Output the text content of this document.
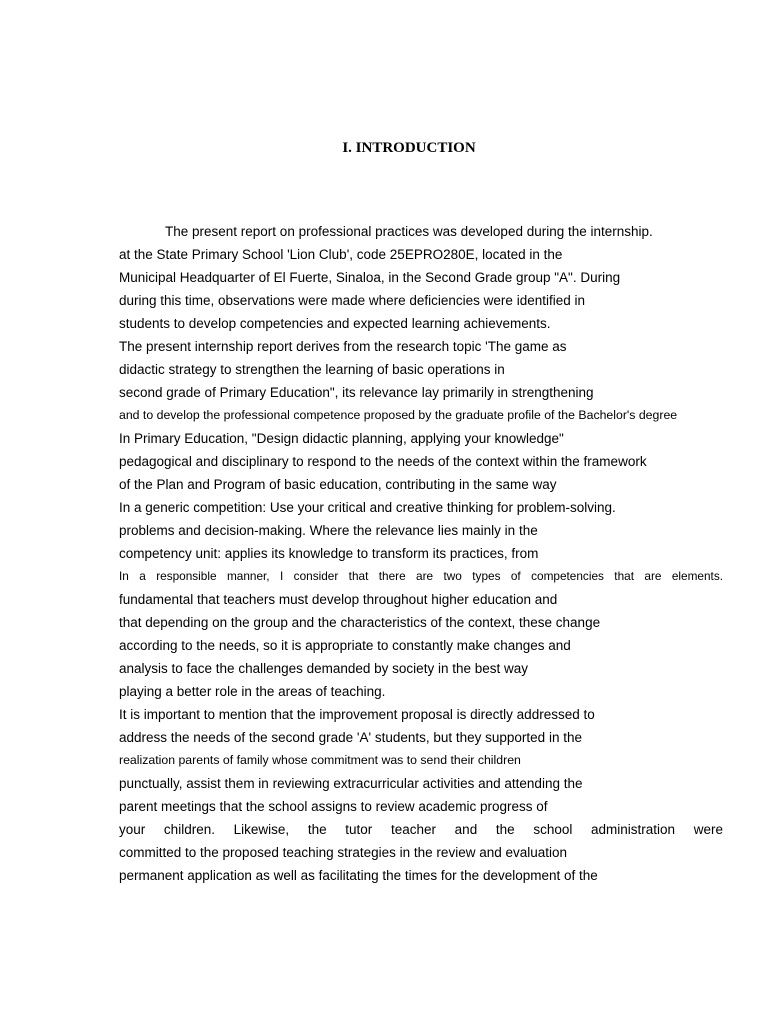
I. INTRODUCTION
The present report on professional practices was developed during the internship.
at the State Primary School 'Lion Club', code 25EPRO280E, located in the
Municipal Headquarter of El Fuerte, Sinaloa, in the Second Grade group "A". During
during this time, observations were made where deficiencies were identified in
students to develop competencies and expected learning achievements.
The present internship report derives from the research topic 'The game as
didactic strategy to strengthen the learning of basic operations in
second grade of Primary Education", its relevance lay primarily in strengthening
and to develop the professional competence proposed by the graduate profile of the Bachelor's degree
In Primary Education, "Design didactic planning, applying your knowledge"
pedagogical and disciplinary to respond to the needs of the context within the framework
of the Plan and Program of basic education, contributing in the same way
In a generic competition: Use your critical and creative thinking for problem-solving.
problems and decision-making. Where the relevance lies mainly in the
competency unit: applies its knowledge to transform its practices, from
In a responsible manner, I consider that there are two types of competencies that are elements.
fundamental that teachers must develop throughout higher education and
that depending on the group and the characteristics of the context, these change
according to the needs, so it is appropriate to constantly make changes and
analysis to face the challenges demanded by society in the best way
playing a better role in the areas of teaching.
It is important to mention that the improvement proposal is directly addressed to
address the needs of the second grade 'A' students, but they supported in the
realization parents of family whose commitment was to send their children
punctually, assist them in reviewing extracurricular activities and attending the
parent meetings that the school assigns to review academic progress of
your children. Likewise, the tutor teacher and the school administration were
committed to the proposed teaching strategies in the review and evaluation
permanent application as well as facilitating the times for the development of the
